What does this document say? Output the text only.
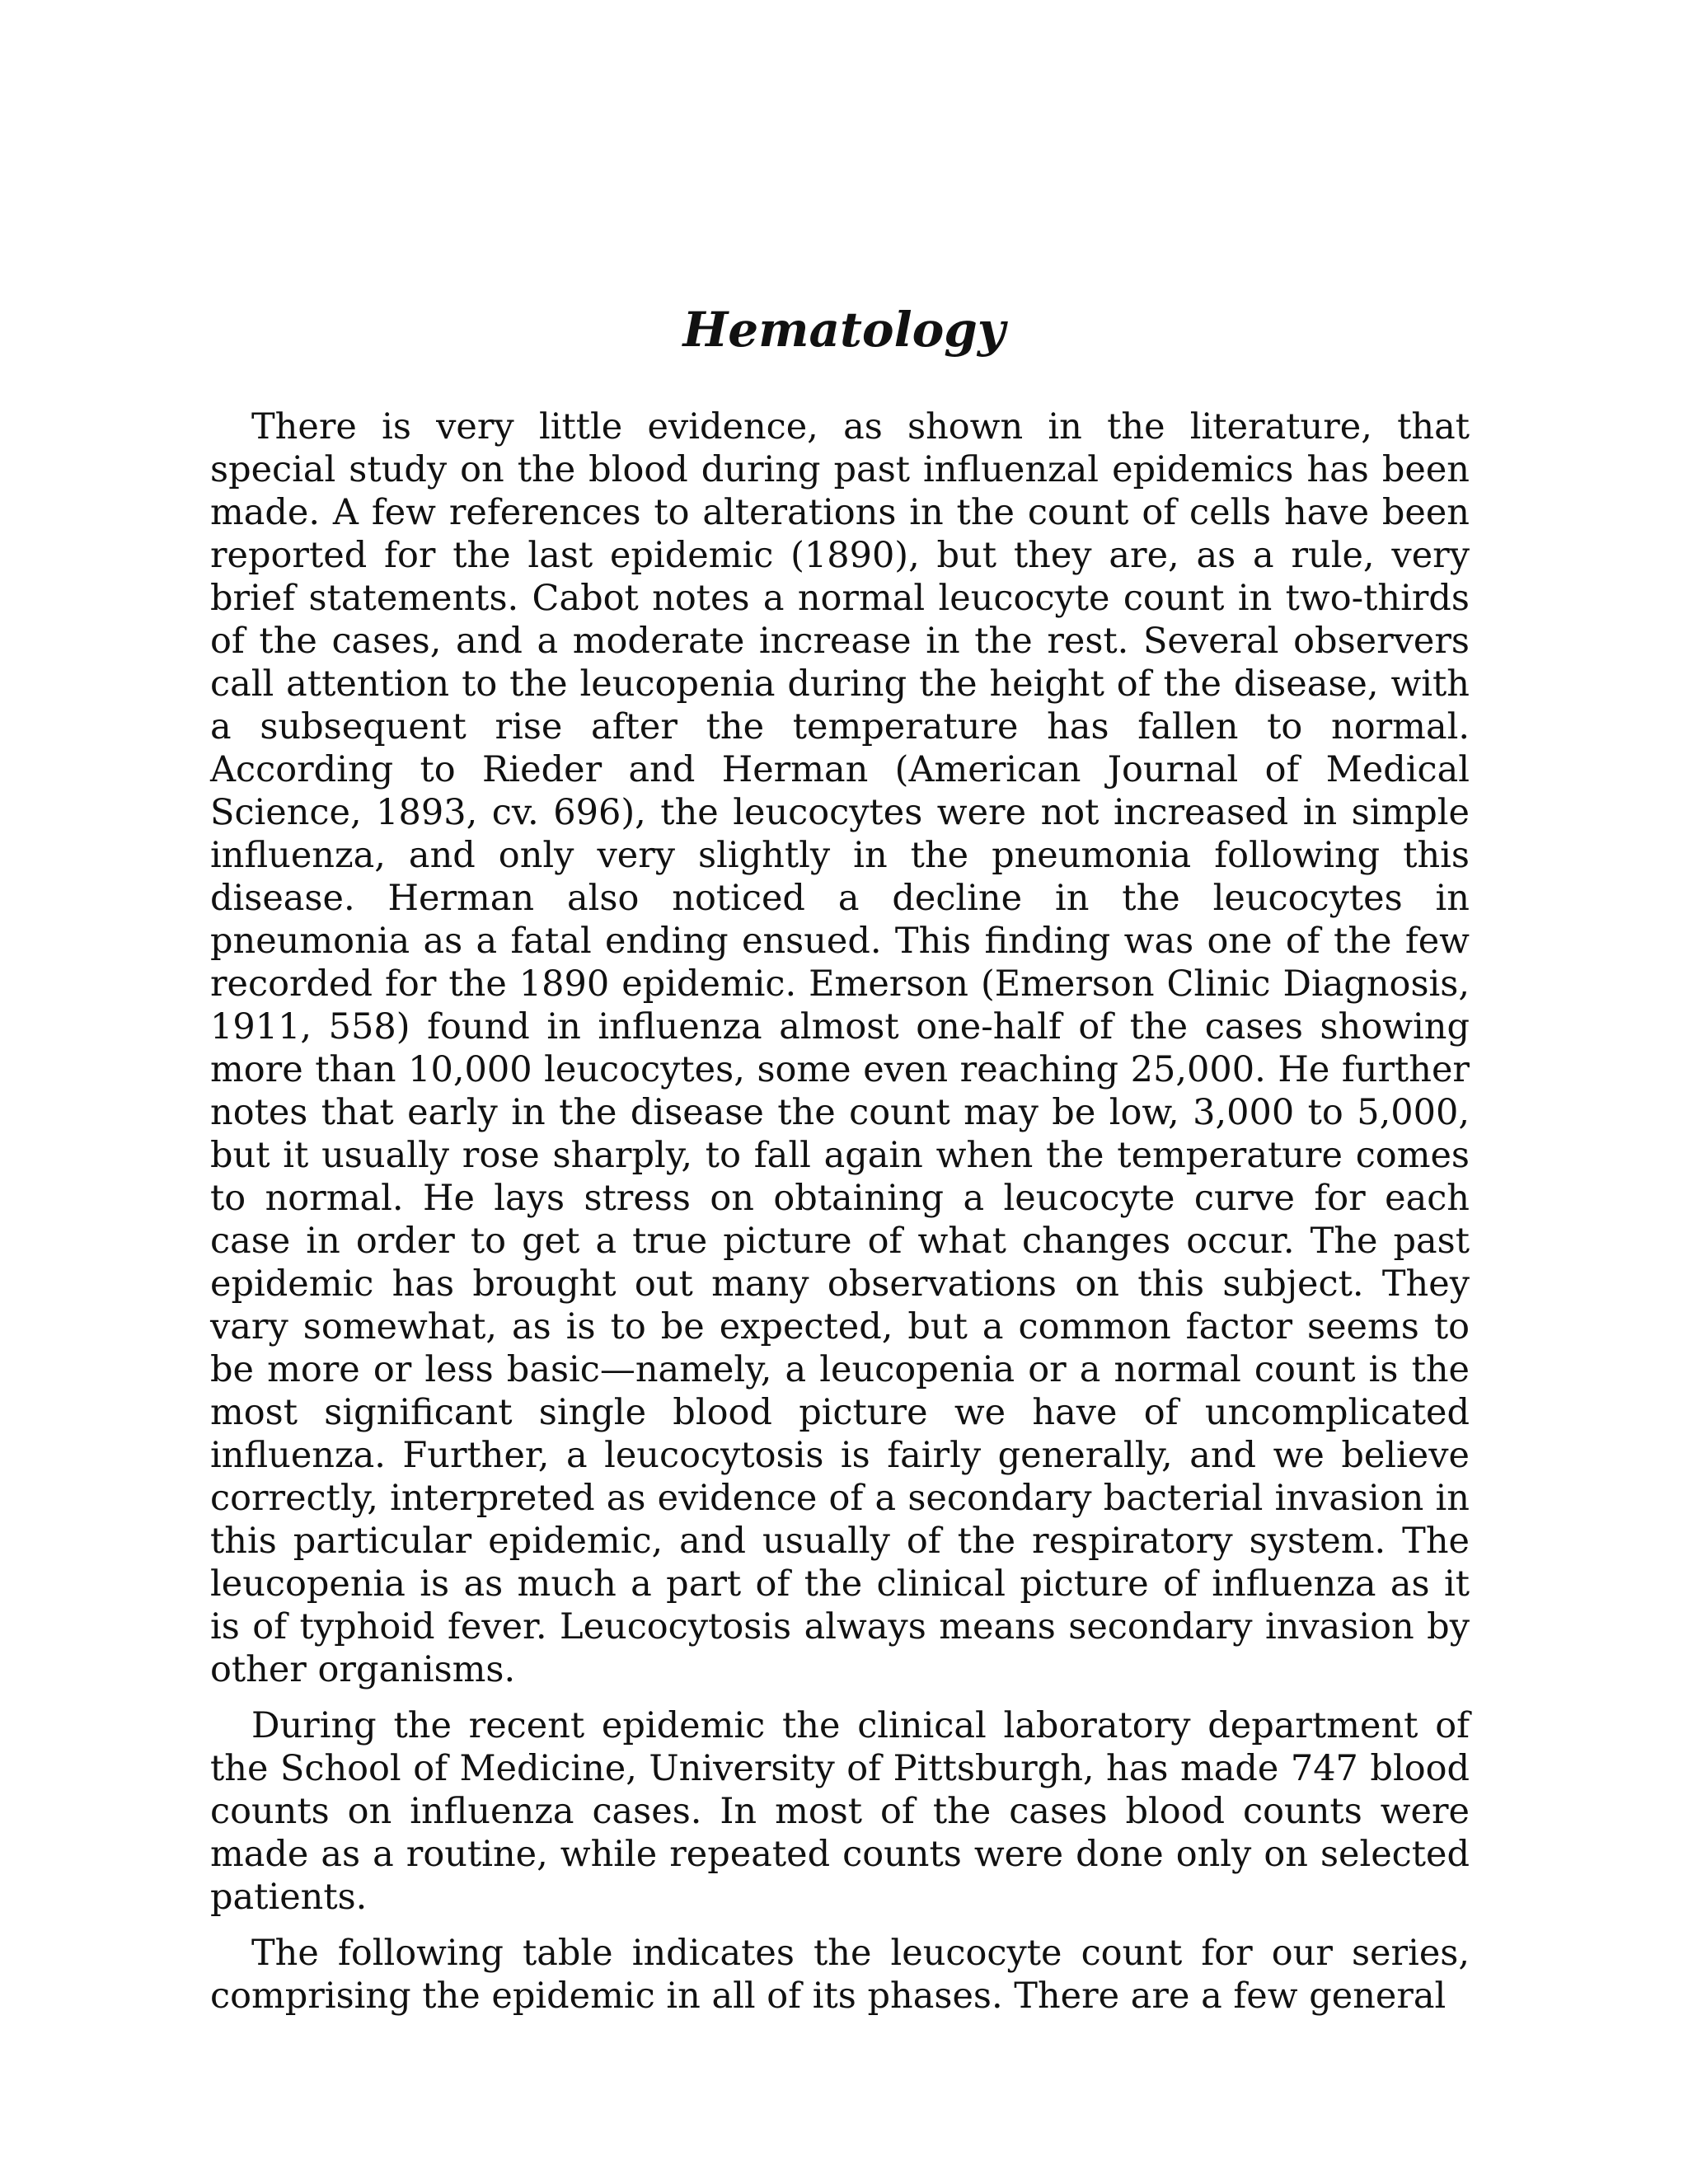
Hematology

There is very little evidence, as shown in the literature, that special study on the blood during past influenzal epidemics has been made. A few references to alterations in the count of cells have been reported for the last epidemic (1890), but they are, as a rule, very brief statements. Cabot notes a normal leucocyte count in two-thirds of the cases, and a moderate increase in the rest. Several observers call attention to the leucopenia during the height of the disease, with a subsequent rise after the temperature has fallen to normal. According to Rieder and Herman (American Journal of Medical Science, 1893, cv. 696), the leucocytes were not increased in simple influenza, and only very slightly in the pneumonia following this disease. Herman also noticed a decline in the leucocytes in pneumonia as a fatal ending ensued. This finding was one of the few recorded for the 1890 epidemic. Emerson (Emerson Clinic Diagnosis, 1911, 558) found in influenza almost one-half of the cases showing more than 10,000 leucocytes, some even reaching 25,000. He further notes that early in the disease the count may be low, 3,000 to 5,000, but it usually rose sharply, to fall again when the temperature comes to normal. He lays stress on obtaining a leucocyte curve for each case in order to get a true picture of what changes occur. The past epidemic has brought out many observations on this subject. They vary somewhat, as is to be expected, but a common factor seems to be more or less basic—namely, a leucopenia or a normal count is the most significant single blood picture we have of uncomplicated influenza. Further, a leucocytosis is fairly generally, and we believe correctly, interpreted as evidence of a secondary bacterial invasion in this particular epidemic, and usually of the respiratory system. The leucopenia is as much a part of the clinical picture of influenza as it is of typhoid fever. Leucocytosis always means secondary invasion by other organisms.

During the recent epidemic the clinical laboratory department of the School of Medicine, University of Pittsburgh, has made 747 blood counts on influenza cases. In most of the cases blood counts were made as a routine, while repeated counts were done only on selected patients.

The following table indicates the leucocyte count for our series, comprising the epidemic in all of its phases. There are a few general
